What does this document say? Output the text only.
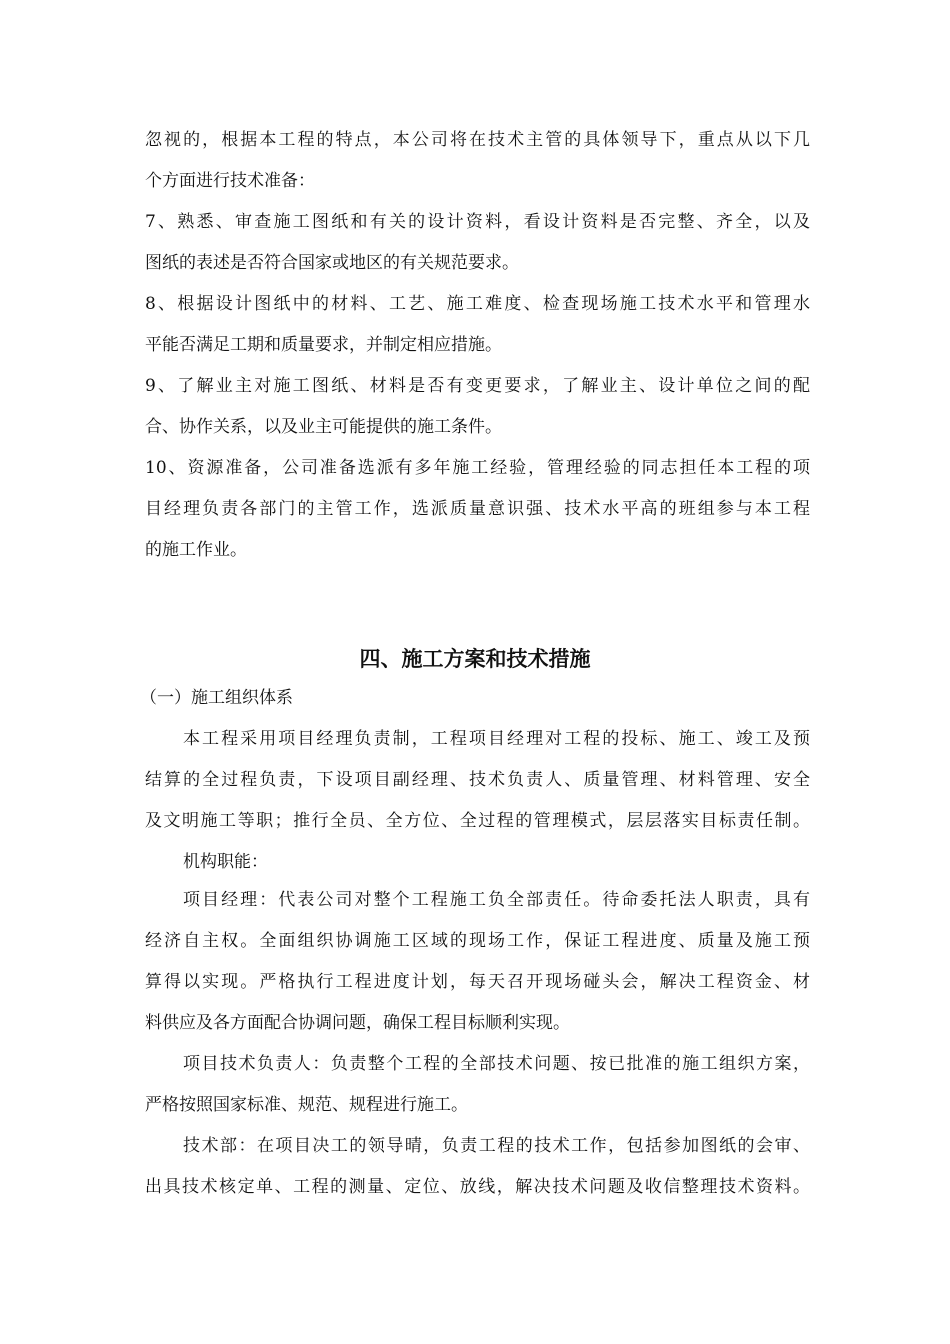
忽视的，根据本工程的特点，本公司将在技术主管的具体领导下，重点从以下几
个方面进行技术准备：
7、熟悉、审查施工图纸和有关的设计资料，看设计资料是否完整、齐全，以及
图纸的表述是否符合国家或地区的有关规范要求。
8、根据设计图纸中的材料、工艺、施工难度、检查现场施工技术水平和管理水
平能否满足工期和质量要求，并制定相应措施。
9、了解业主对施工图纸、材料是否有变更要求，了解业主、设计单位之间的配
合、协作关系，以及业主可能提供的施工条件。
10、资源准备，公司准备选派有多年施工经验，管理经验的同志担任本工程的项
目经理负责各部门的主管工作，选派质量意识强、技术水平高的班组参与本工程
的施工作业。
四、施工方案和技术措施
（一）施工组织体系
本工程采用项目经理负责制，工程项目经理对工程的投标、施工、竣工及预
结算的全过程负责，下设项目副经理、技术负责人、质量管理、材料管理、安全
及文明施工等职；推行全员、全方位、全过程的管理模式，层层落实目标责任制。
机构职能：
项目经理：代表公司对整个工程施工负全部责任。待命委托法人职责，具有
经济自主权。全面组织协调施工区域的现场工作，保证工程进度、质量及施工预
算得以实现。严格执行工程进度计划，每天召开现场碰头会，解决工程资金、材
料供应及各方面配合协调问题，确保工程目标顺利实现。
项目技术负责人：负责整个工程的全部技术问题、按已批准的施工组织方案，
严格按照国家标准、规范、规程进行施工。
技术部：在项目决工的领导晴，负责工程的技术工作，包括参加图纸的会审、
出具技术核定单、工程的测量、定位、放线，解决技术问题及收信整理技术资料。
